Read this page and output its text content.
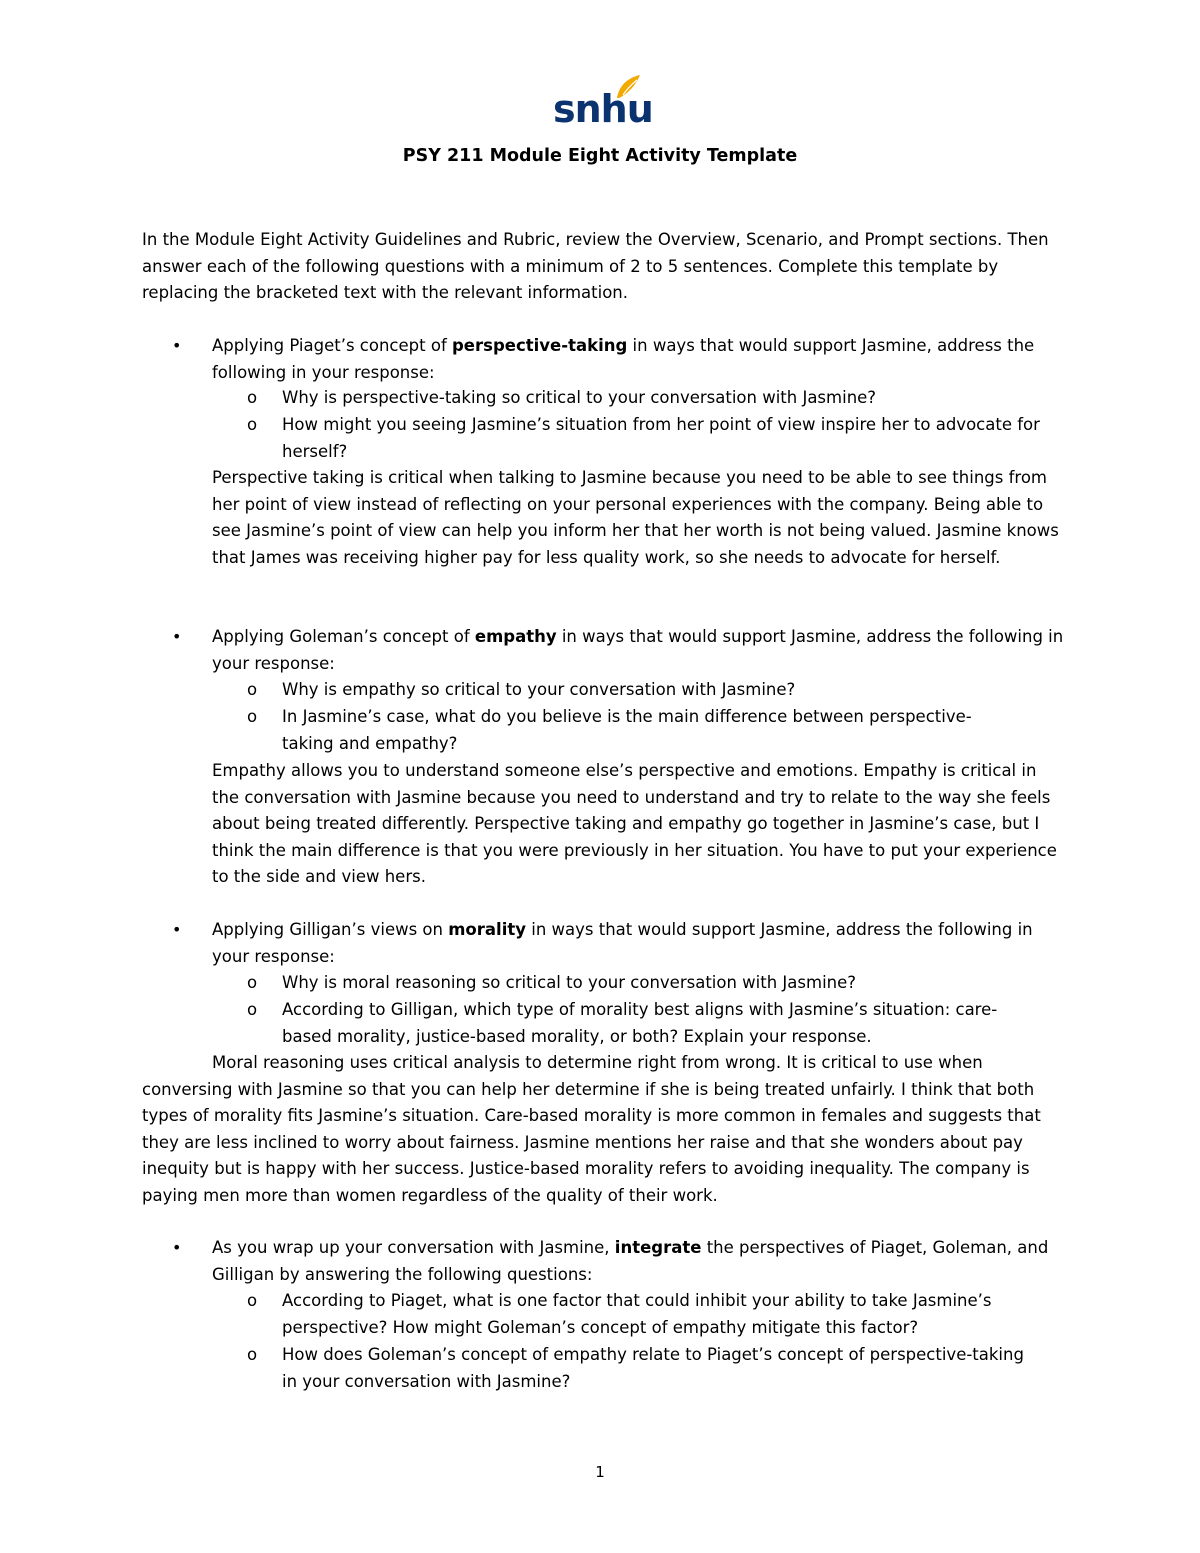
snhu
PSY 211 Module Eight Activity Template

In the Module Eight Activity Guidelines and Rubric, review the Overview, Scenario, and Prompt sections. Then answer each of the following questions with a minimum of 2 to 5 sentences. Complete this template by replacing the bracketed text with the relevant information.

• Applying Piaget’s concept of perspective-taking in ways that would support Jasmine, address the following in your response:
o Why is perspective-taking so critical to your conversation with Jasmine?
o How might you seeing Jasmine’s situation from her point of view inspire her to advocate for herself?

Perspective taking is critical when talking to Jasmine because you need to be able to see things from her point of view instead of reflecting on your personal experiences with the company. Being able to see Jasmine’s point of view can help you inform her that her worth is not being valued. Jasmine knows that James was receiving higher pay for less quality work, so she needs to advocate for herself.

• Applying Goleman’s concept of empathy in ways that would support Jasmine, address the following in your response:
o Why is empathy so critical to your conversation with Jasmine?
o In Jasmine’s case, what do you believe is the main difference between perspective-taking and empathy?

Empathy allows you to understand someone else’s perspective and emotions. Empathy is critical in the conversation with Jasmine because you need to understand and try to relate to the way she feels about being treated differently. Perspective taking and empathy go together in Jasmine’s case, but I think the main difference is that you were previously in her situation. You have to put your experience to the side and view hers.

• Applying Gilligan’s views on morality in ways that would support Jasmine, address the following in your response:
o Why is moral reasoning so critical to your conversation with Jasmine?
o According to Gilligan, which type of morality best aligns with Jasmine’s situation: care-based morality, justice-based morality, or both? Explain your response.

Moral reasoning uses critical analysis to determine right from wrong. It is critical to use when conversing with Jasmine so that you can help her determine if she is being treated unfairly. I think that both types of morality fits Jasmine’s situation. Care-based morality is more common in females and suggests that they are less inclined to worry about fairness. Jasmine mentions her raise and that she wonders about pay inequity but is happy with her success. Justice-based morality refers to avoiding inequality. The company is paying men more than women regardless of the quality of their work.

• As you wrap up your conversation with Jasmine, integrate the perspectives of Piaget, Goleman, and Gilligan by answering the following questions:
o According to Piaget, what is one factor that could inhibit your ability to take Jasmine’s perspective? How might Goleman’s concept of empathy mitigate this factor?
o How does Goleman’s concept of empathy relate to Piaget’s concept of perspective-taking in your conversation with Jasmine?
1
